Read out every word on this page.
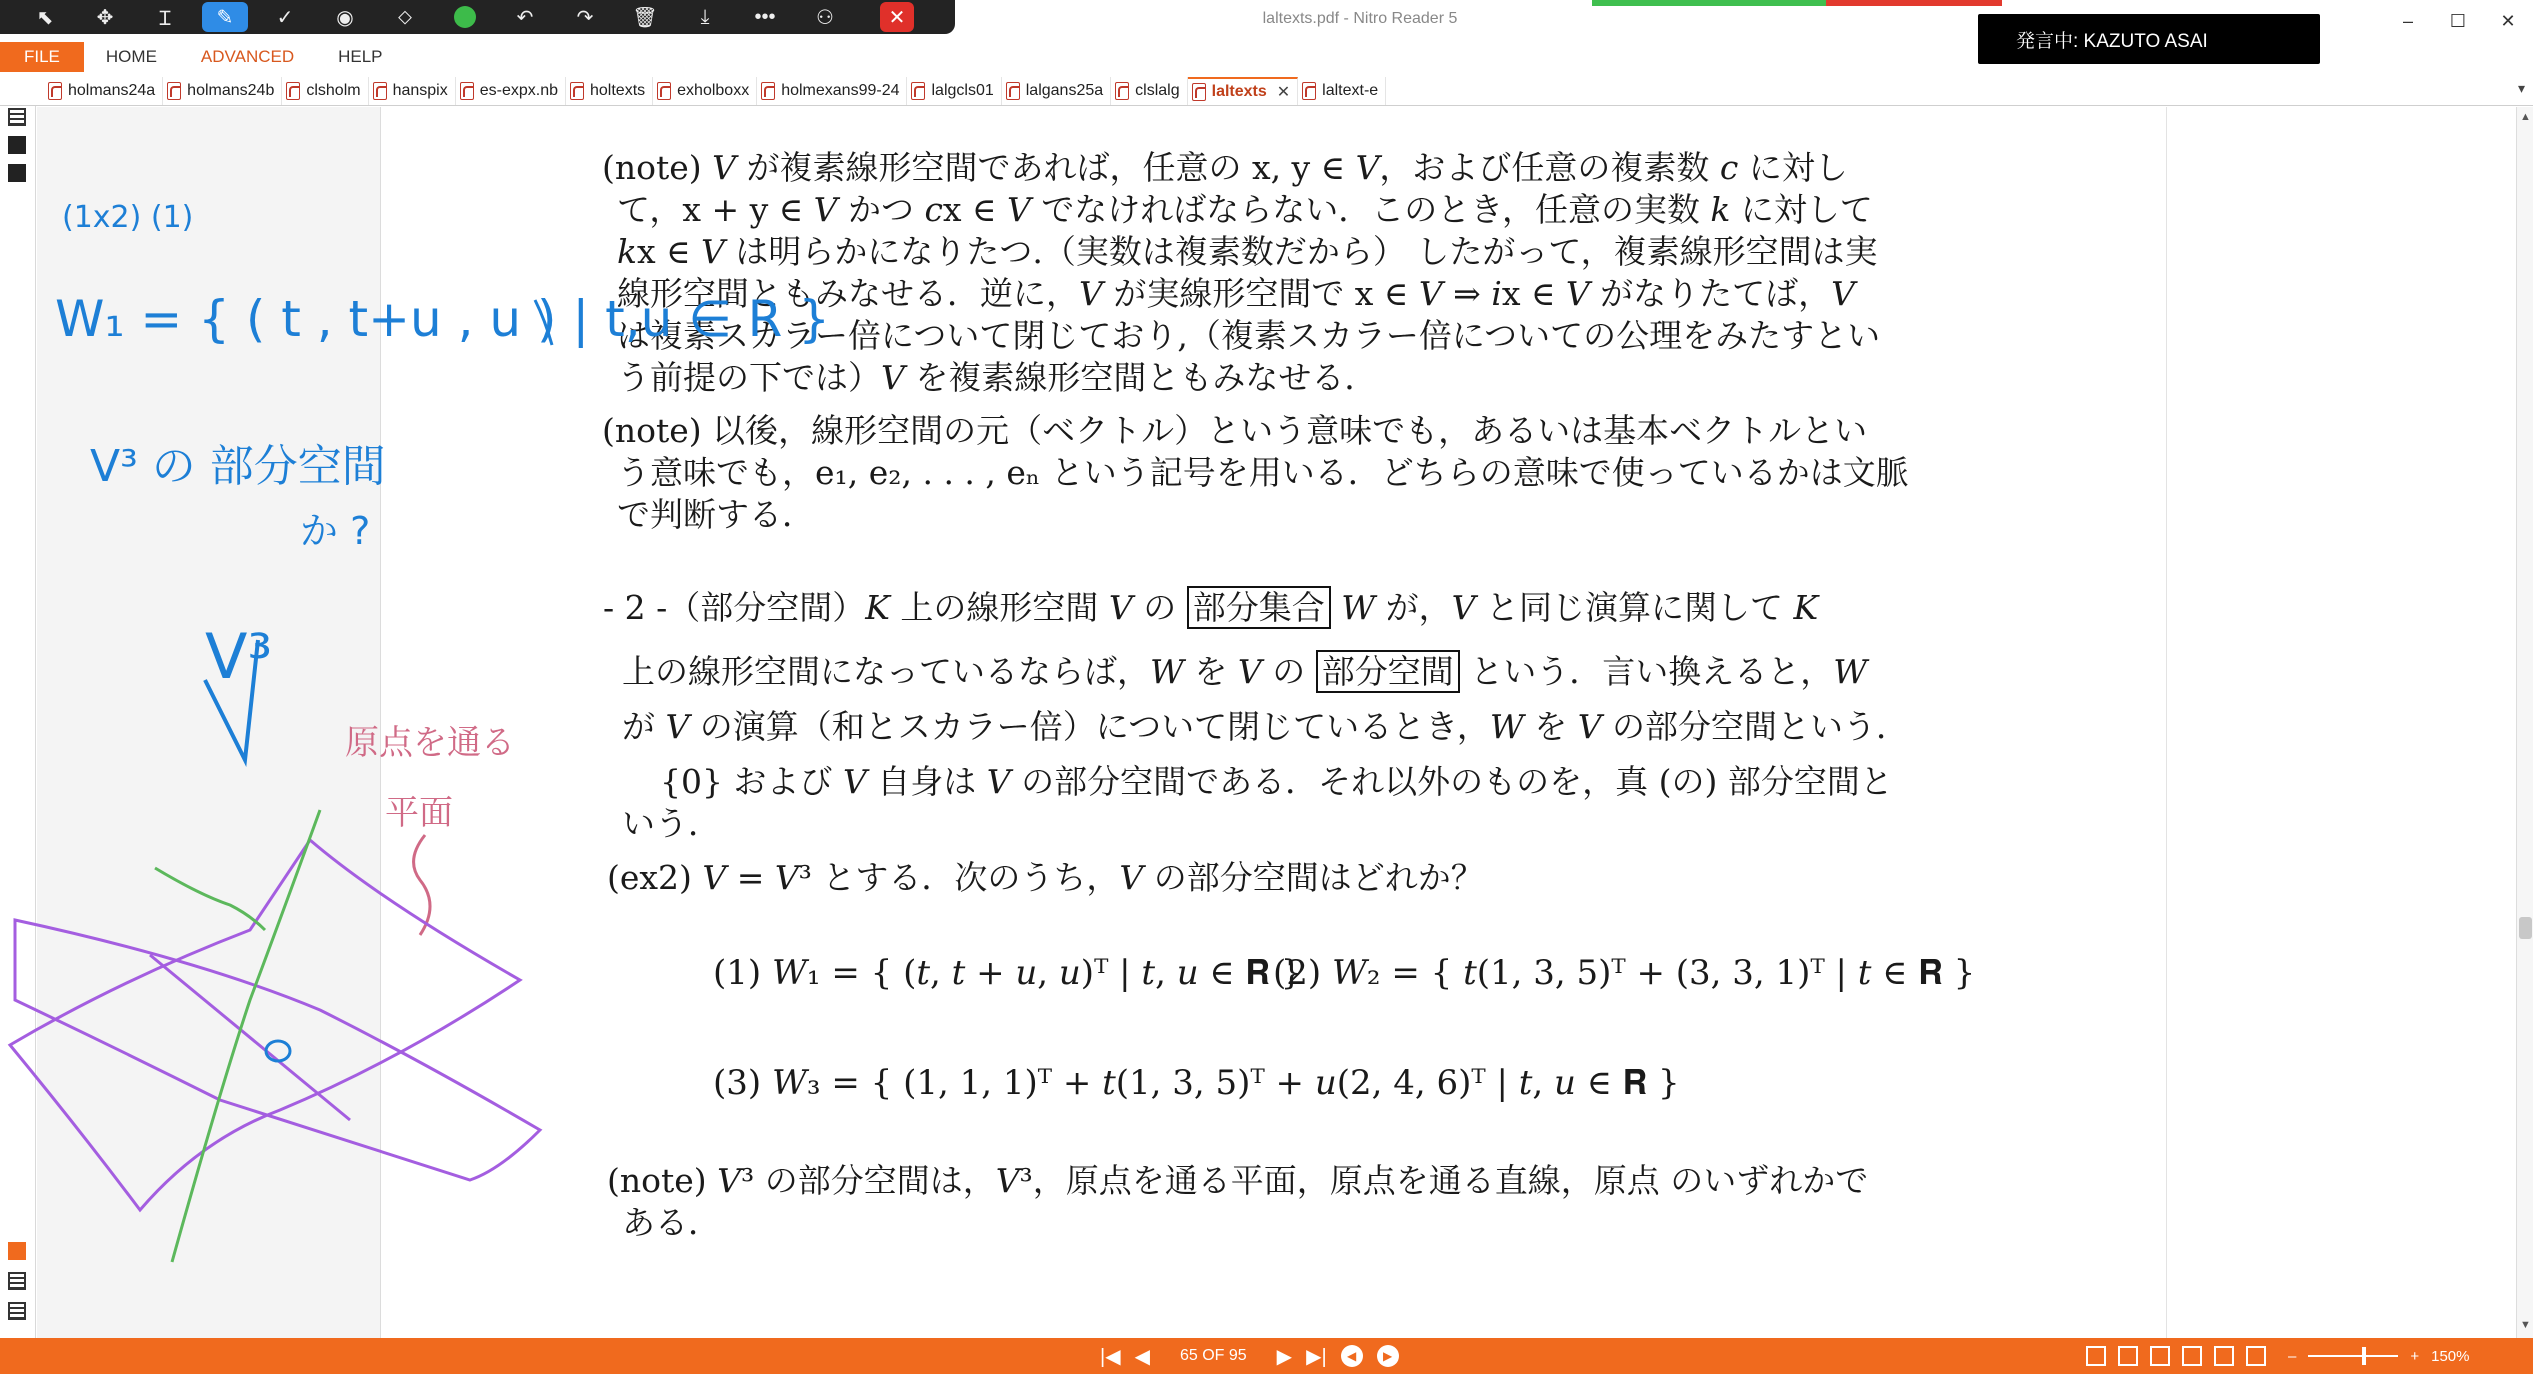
laltexts.pdf - Nitro Reader 5	–	☐	✕
FILE	HOME	ADVANCED	HELP
⬉	✥	Ɪ	✎	✓	◉	⬦	↶	↷	🗑	⤓	•••	⚇	✕
発言中: KAZUTO ASAI
holmans24a holmans24b clsholm hanspix es-expx.nb holtexts exholboxx holmexans99-24 lalgcls01 lalgans25a clslalg laltexts ✕ laltext-e	▾
▲
▼
(note) 𝑉 が複素線形空間であれば，任意の x, y ∈ 𝑉，および任意の複素数 𝑐 に対し
て，x + y ∈ 𝑉 かつ 𝑐x ∈ 𝑉 でなければならない．このとき，任意の実数 𝑘 に対して
𝑘x ∈ 𝑉 は明らかになりたつ.（実数は複素数だから） したがって，複素線形空間は実
線形空間ともみなせる．逆に，𝑉 が実線形空間で x ∈ 𝑉 ⇒ 𝑖x ∈ 𝑉 がなりたてば，𝑉
は複素スカラー倍について閉じており,（複素スカラー倍についての公理をみたすとい
う前提の下では）𝑉 を複素線形空間ともみなせる．
(note) 以後，線形空間の元（ベクトル）という意味でも，あるいは基本ベクトルとい
う意味でも，e₁, e₂, . . . , eₙ という記号を用いる．どちらの意味で使っているかは文脈
で判断する．
- 2 -（部分空間）𝐾 上の線形空間 𝑉 の 部分集合 𝑊 が，𝑉 と同じ演算に関して 𝐾
上の線形空間になっているならば，𝑊 を 𝑉 の 部分空間 という．言い換えると，𝑊
が 𝑉 の演算（和とスカラー倍）について閉じているとき，𝑊 を 𝑉 の部分空間という．
{0} および 𝑉 自身は 𝑉 の部分空間である．それ以外のものを，真 (の) 部分空間と
いう．
(ex2) 𝑉 = 𝑉³ とする．次のうち，𝑉 の部分空間はどれか？
(1) 𝑊₁ = { (𝑡, 𝑡 + 𝑢, 𝑢)ᵀ | 𝑡, 𝑢 ∈ 𝐑 }
(2) 𝑊₂ = { 𝑡(1, 3, 5)ᵀ + (3, 3, 1)ᵀ | 𝑡 ∈ 𝐑 }
(3) 𝑊₃ = { (1, 1, 1)ᵀ + 𝑡(1, 3, 5)ᵀ + 𝑢(2, 4, 6)ᵀ | 𝑡, 𝑢 ∈ 𝐑 }
(note) 𝑉³ の部分空間は，𝑉³，原点を通る平面，原点を通る直線，原点 のいずれかで
ある．
(1x2) (1)
W₁ = { ( t , t+u , u ) | t,u ∈ R }
V³ の 部分空間
か ?
V³
原点を通る
平面
|◀ ◀	65 OF 95	▶ ▶|	◀	▶	–	+ 150%
